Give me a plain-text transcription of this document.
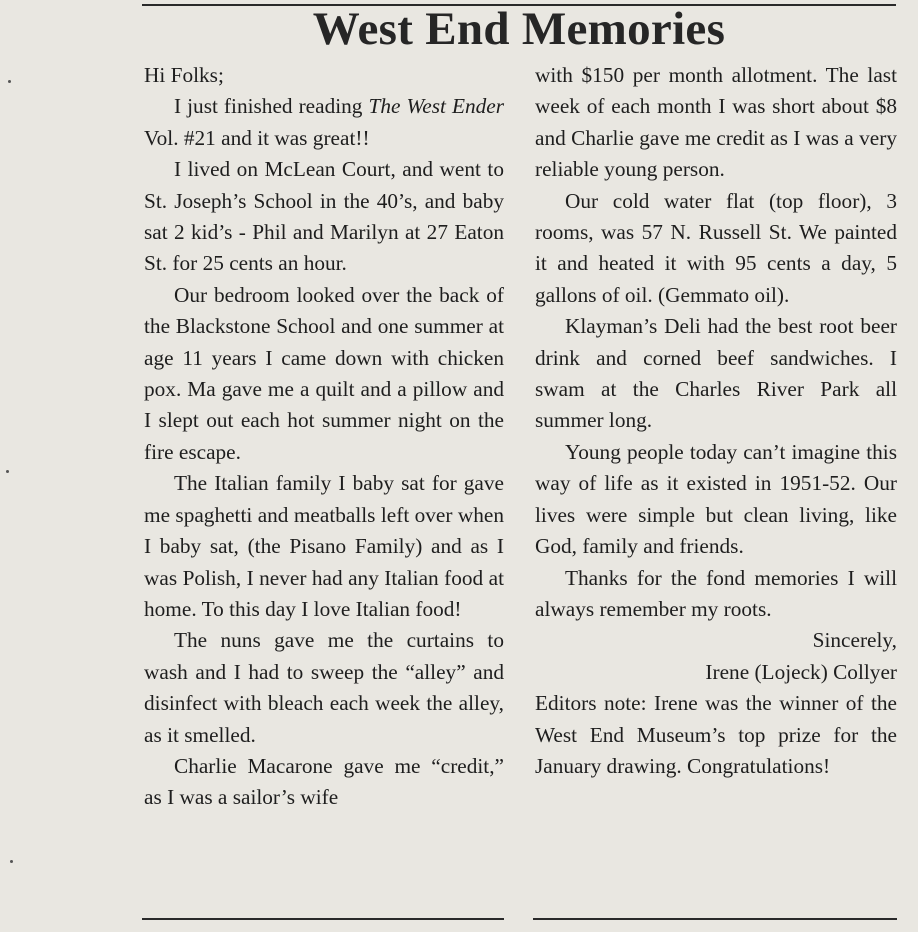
West End Memories

Hi Folks;

I just finished reading The West Ender Vol. #21 and it was great!!

I lived on McLean Court, and went to St. Joseph’s School in the 40’s, and baby sat 2 kid’s - Phil and Marilyn at 27 Eaton St. for 25 cents an hour.

Our bedroom looked over the back of the Blackstone School and one summer at age 11 years I came down with chicken pox. Ma gave me a quilt and a pillow and I slept out each hot summer night on the fire escape.

The Italian family I baby sat for gave me spaghetti and meatballs left over when I baby sat, (the Pisano Family) and as I was Polish, I never had any Italian food at home. To this day I love Italian food!

The nuns gave me the curtains to wash and I had to sweep the “alley” and disinfect with bleach each week the alley, as it smelled.

Charlie Macarone gave me “credit,” as I was a sailor’s wife

with $150 per month allotment. The last week of each month I was short about $8 and Charlie gave me credit as I was a very reliable young person.

Our cold water flat (top floor), 3 rooms, was 57 N. Russell St. We painted it and heated it with 95 cents a day, 5 gallons of oil. (Gemmato oil).

Klayman’s Deli had the best root beer drink and corned beef sandwiches. I swam at the Charles River Park all summer long.

Young people today can’t imagine this way of life as it existed in 1951-52. Our lives were simple but clean living, like God, family and friends.

Thanks for the fond memories I will always remember my roots.

Sincerely,

Irene (Lojeck) Collyer

Editors note: Irene was the winner of the West End Museum’s top prize for the January drawing. Congratulations!
